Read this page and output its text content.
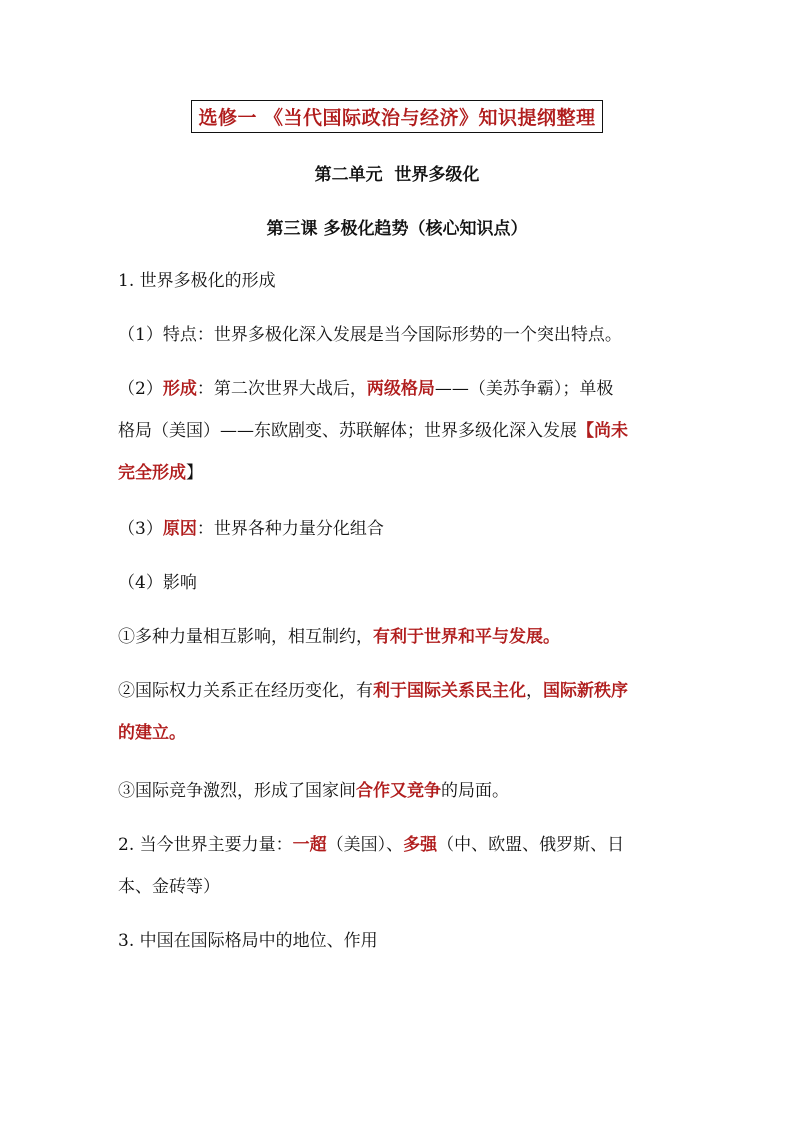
选修一 《当代国际政治与经济》知识提纲整理
第二单元  世界多级化
第三课 多极化趋势（核心知识点）
1. 世界多极化的形成
（1）特点：世界多极化深入发展是当今国际形势的一个突出特点。
（2）形成：第二次世界大战后，两级格局——（美苏争霸）；单极
格局（美国）——东欧剧变、苏联解体；世界多级化深入发展【尚未
完全形成】
（3）原因：世界各种力量分化组合
（4）影响
①多种力量相互影响，相互制约，有利于世界和平与发展。
②国际权力关系正在经历变化，有利于国际关系民主化，国际新秩序
的建立。
③国际竞争激烈，形成了国家间合作又竞争的局面。
2. 当今世界主要力量：一超（美国）、多强（中、欧盟、俄罗斯、日
本、金砖等）
3. 中国在国际格局中的地位、作用
